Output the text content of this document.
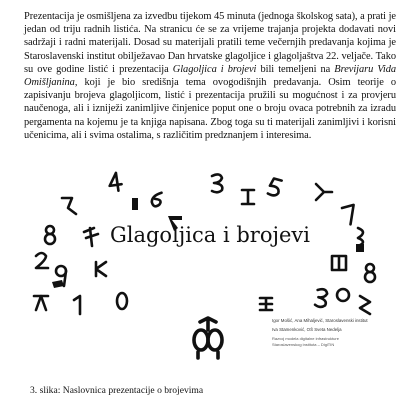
Prezentacija je osmišljena za izvedbu tijekom 45 minuta (jednoga školskog sata), a prati je jedan od triju radnih listića. Na stranicu će se za vrijeme trajanja projekta dodavati novi sadržaji i radni materijali. Dosad su materijali pratili teme večernjih predavanja kojima je Staroslavenski institut obilježavao Dan hrvatske glagoljice i glagoljaštva 22. veljače. Tako su ove godine listić i prezentacija Glagoljica i brojevi bili temeljeni na Brevijaru Vida Omišljanina, koji je bio središnja tema ovogodišnjih predavanja. Osim teorije o zapisivanju brojeva glagoljicom, listić i prezentacija pružili su mogućnost i za provjeru naučenoga, ali i izniježi zanimljive činjenice poput one o broju ovaca potrebnih za izradu pergamenta na kojemu je ta knjiga napisana. Zbog toga su ti materijali zanimljivi i korisni učenicima, ali i svima ostalima, s različitim predznanjem i interesima.

Glagoljica i brojevi
Igor Mošić, Ana Mihaljević, Staroslavenski institut
Iva Stamenković, OŠ Sveta Nedelja
Razvoj modela digitalne infrastrukture
Staroslavenskog instituta – DigiTIN

3. slika: Naslovnica prezentacije o brojevima
